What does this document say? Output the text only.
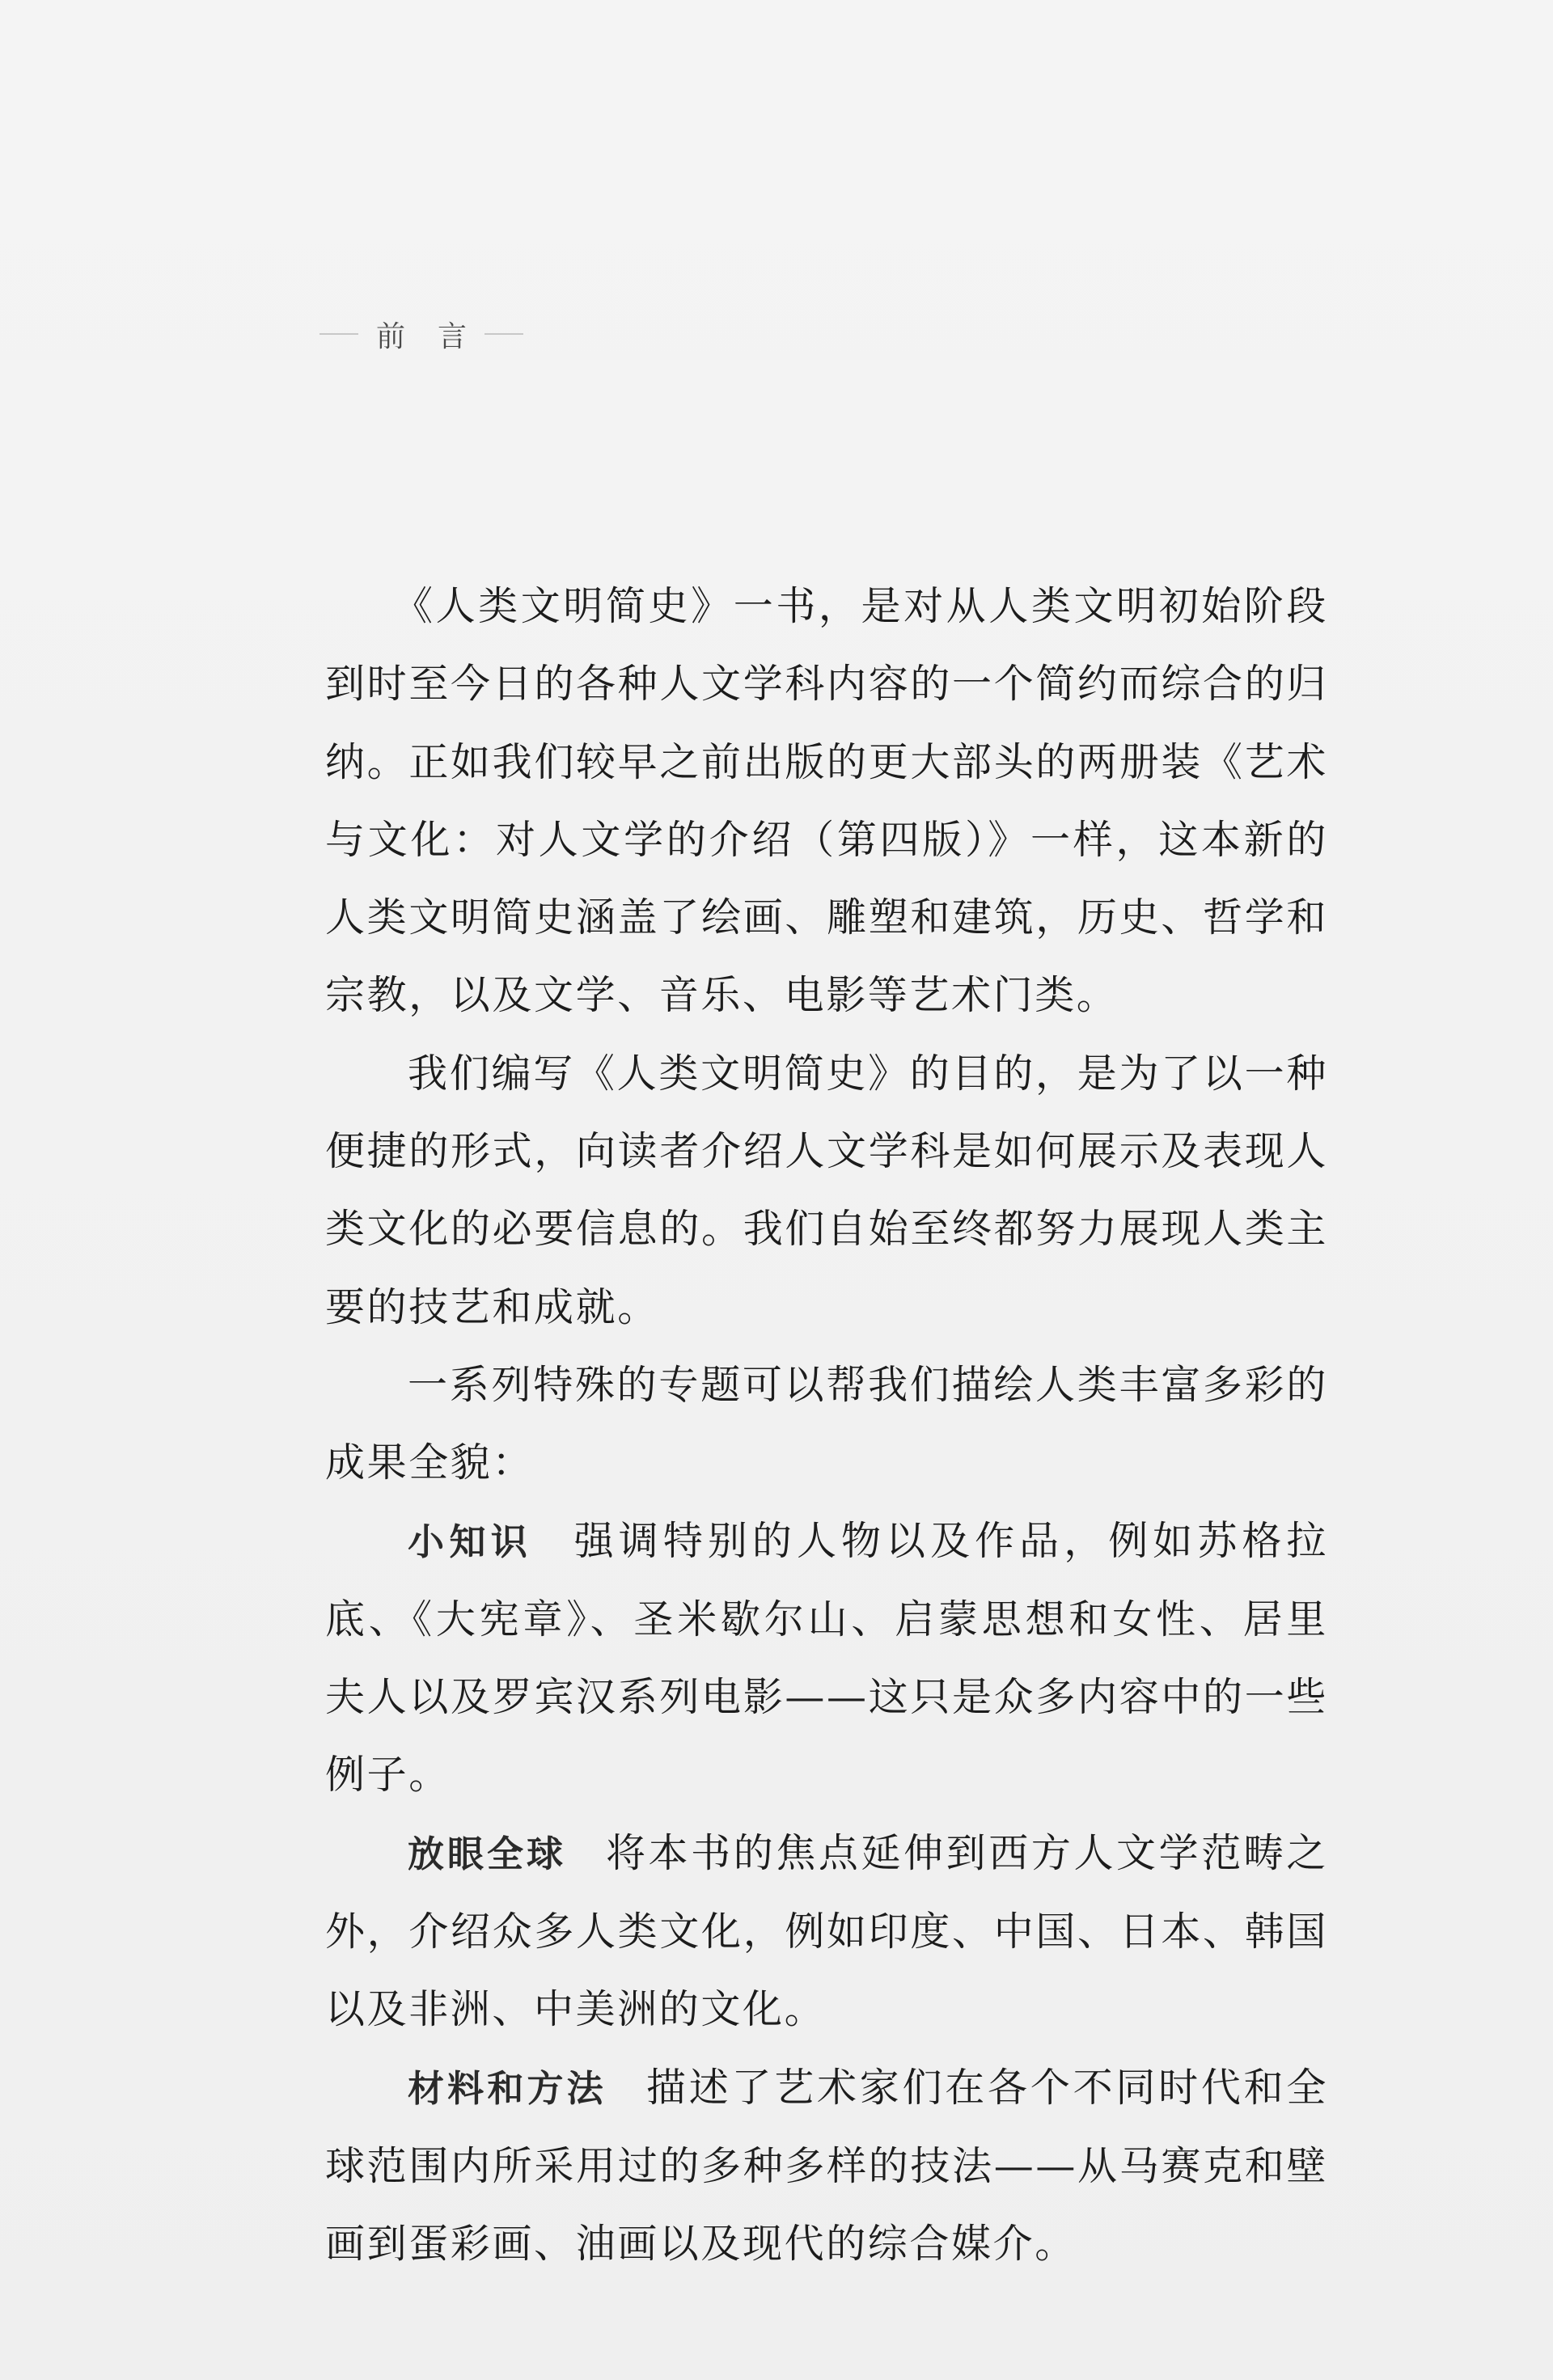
前言

《人类文明简史》一书，是对从人类文明初始阶段到时至今日的各种人文学科内容的一个简约而综合的归纳。正如我们较早之前出版的更大部头的两册装《艺术与文化：对人文学的介绍（第四版）》一样，这本新的人类文明简史涵盖了绘画、雕塑和建筑，历史、哲学和宗教，以及文学、音乐、电影等艺术门类。

我们编写《人类文明简史》的目的，是为了以一种便捷的形式，向读者介绍人文学科是如何展示及表现人类文化的必要信息的。我们自始至终都努力展现人类主要的技艺和成就。

一系列特殊的专题可以帮我们描绘人类丰富多彩的成果全貌：

小知识 强调特别的人物以及作品，例如苏格拉底、《大宪章》、圣米歇尔山、启蒙思想和女性、居里夫人以及罗宾汉系列电影——这只是众多内容中的一些例子。

放眼全球 将本书的焦点延伸到西方人文学范畴之外，介绍众多人类文化，例如印度、中国、日本、韩国以及非洲、中美洲的文化。

材料和方法 描述了艺术家们在各个不同时代和全球范围内所采用过的多种多样的技法——从马赛克和壁画到蛋彩画、油画以及现代的综合媒介。
